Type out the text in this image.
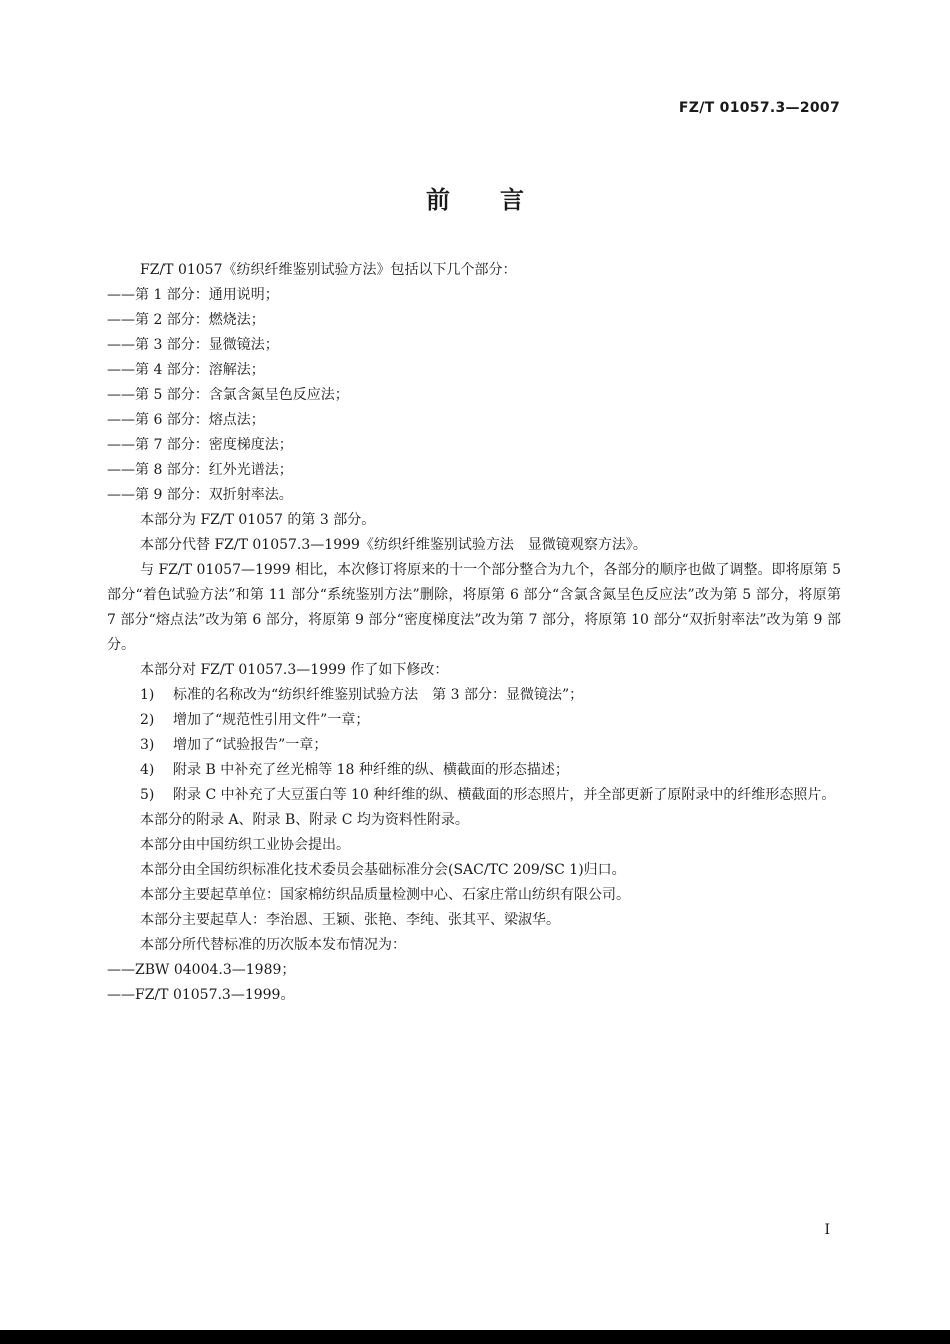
FZ/T 01057.3—2007
前言

FZ/T 01057《纺织纤维鉴别试验方法》包括以下几个部分：

——第 1 部分：通用说明；

——第 2 部分：燃烧法；

——第 3 部分：显微镜法；

——第 4 部分：溶解法；

——第 5 部分：含氯含氮呈色反应法；

——第 6 部分：熔点法；

——第 7 部分：密度梯度法；

——第 8 部分：红外光谱法；

——第 9 部分：双折射率法。

本部分为 FZ/T 01057 的第 3 部分。

本部分代替 FZ/T 01057.3—1999《纺织纤维鉴别试验方法　显微镜观察方法》。

与 FZ/T 01057—1999 相比，本次修订将原来的十一个部分整合为九个，各部分的顺序也做了调整。即将原第 5 部分“着色试验方法”和第 11 部分“系统鉴别方法”删除，将原第 6 部分“含氯含氮呈色反应法”改为第 5 部分，将原第 7 部分“熔点法”改为第 6 部分，将原第 9 部分“密度梯度法”改为第 7 部分，将原第 10 部分“双折射率法”改为第 9 部分。

本部分对 FZ/T 01057.3—1999 作了如下修改：

1)	标准的名称改为“纺织纤维鉴别试验方法　第 3 部分：显微镜法”；
2)	增加了“规范性引用文件”一章；
3)	增加了“试验报告”一章；
4)	附录 B 中补充了丝光棉等 18 种纤维的纵、横截面的形态描述；
5)	附录 C 中补充了大豆蛋白等 10 种纤维的纵、横截面的形态照片，并全部更新了原附录中的纤维形态照片。

本部分的附录 A、附录 B、附录 C 均为资料性附录。

本部分由中国纺织工业协会提出。

本部分由全国纺织标准化技术委员会基础标准分会(SAC/TC 209/SC 1)归口。

本部分主要起草单位：国家棉纺织品质量检测中心、石家庄常山纺织有限公司。

本部分主要起草人：李治恩、王颖、张艳、李纯、张其平、梁淑华。

本部分所代替标准的历次版本发布情况为：

——ZBW 04004.3—1989；

——FZ/T 01057.3—1999。

I
